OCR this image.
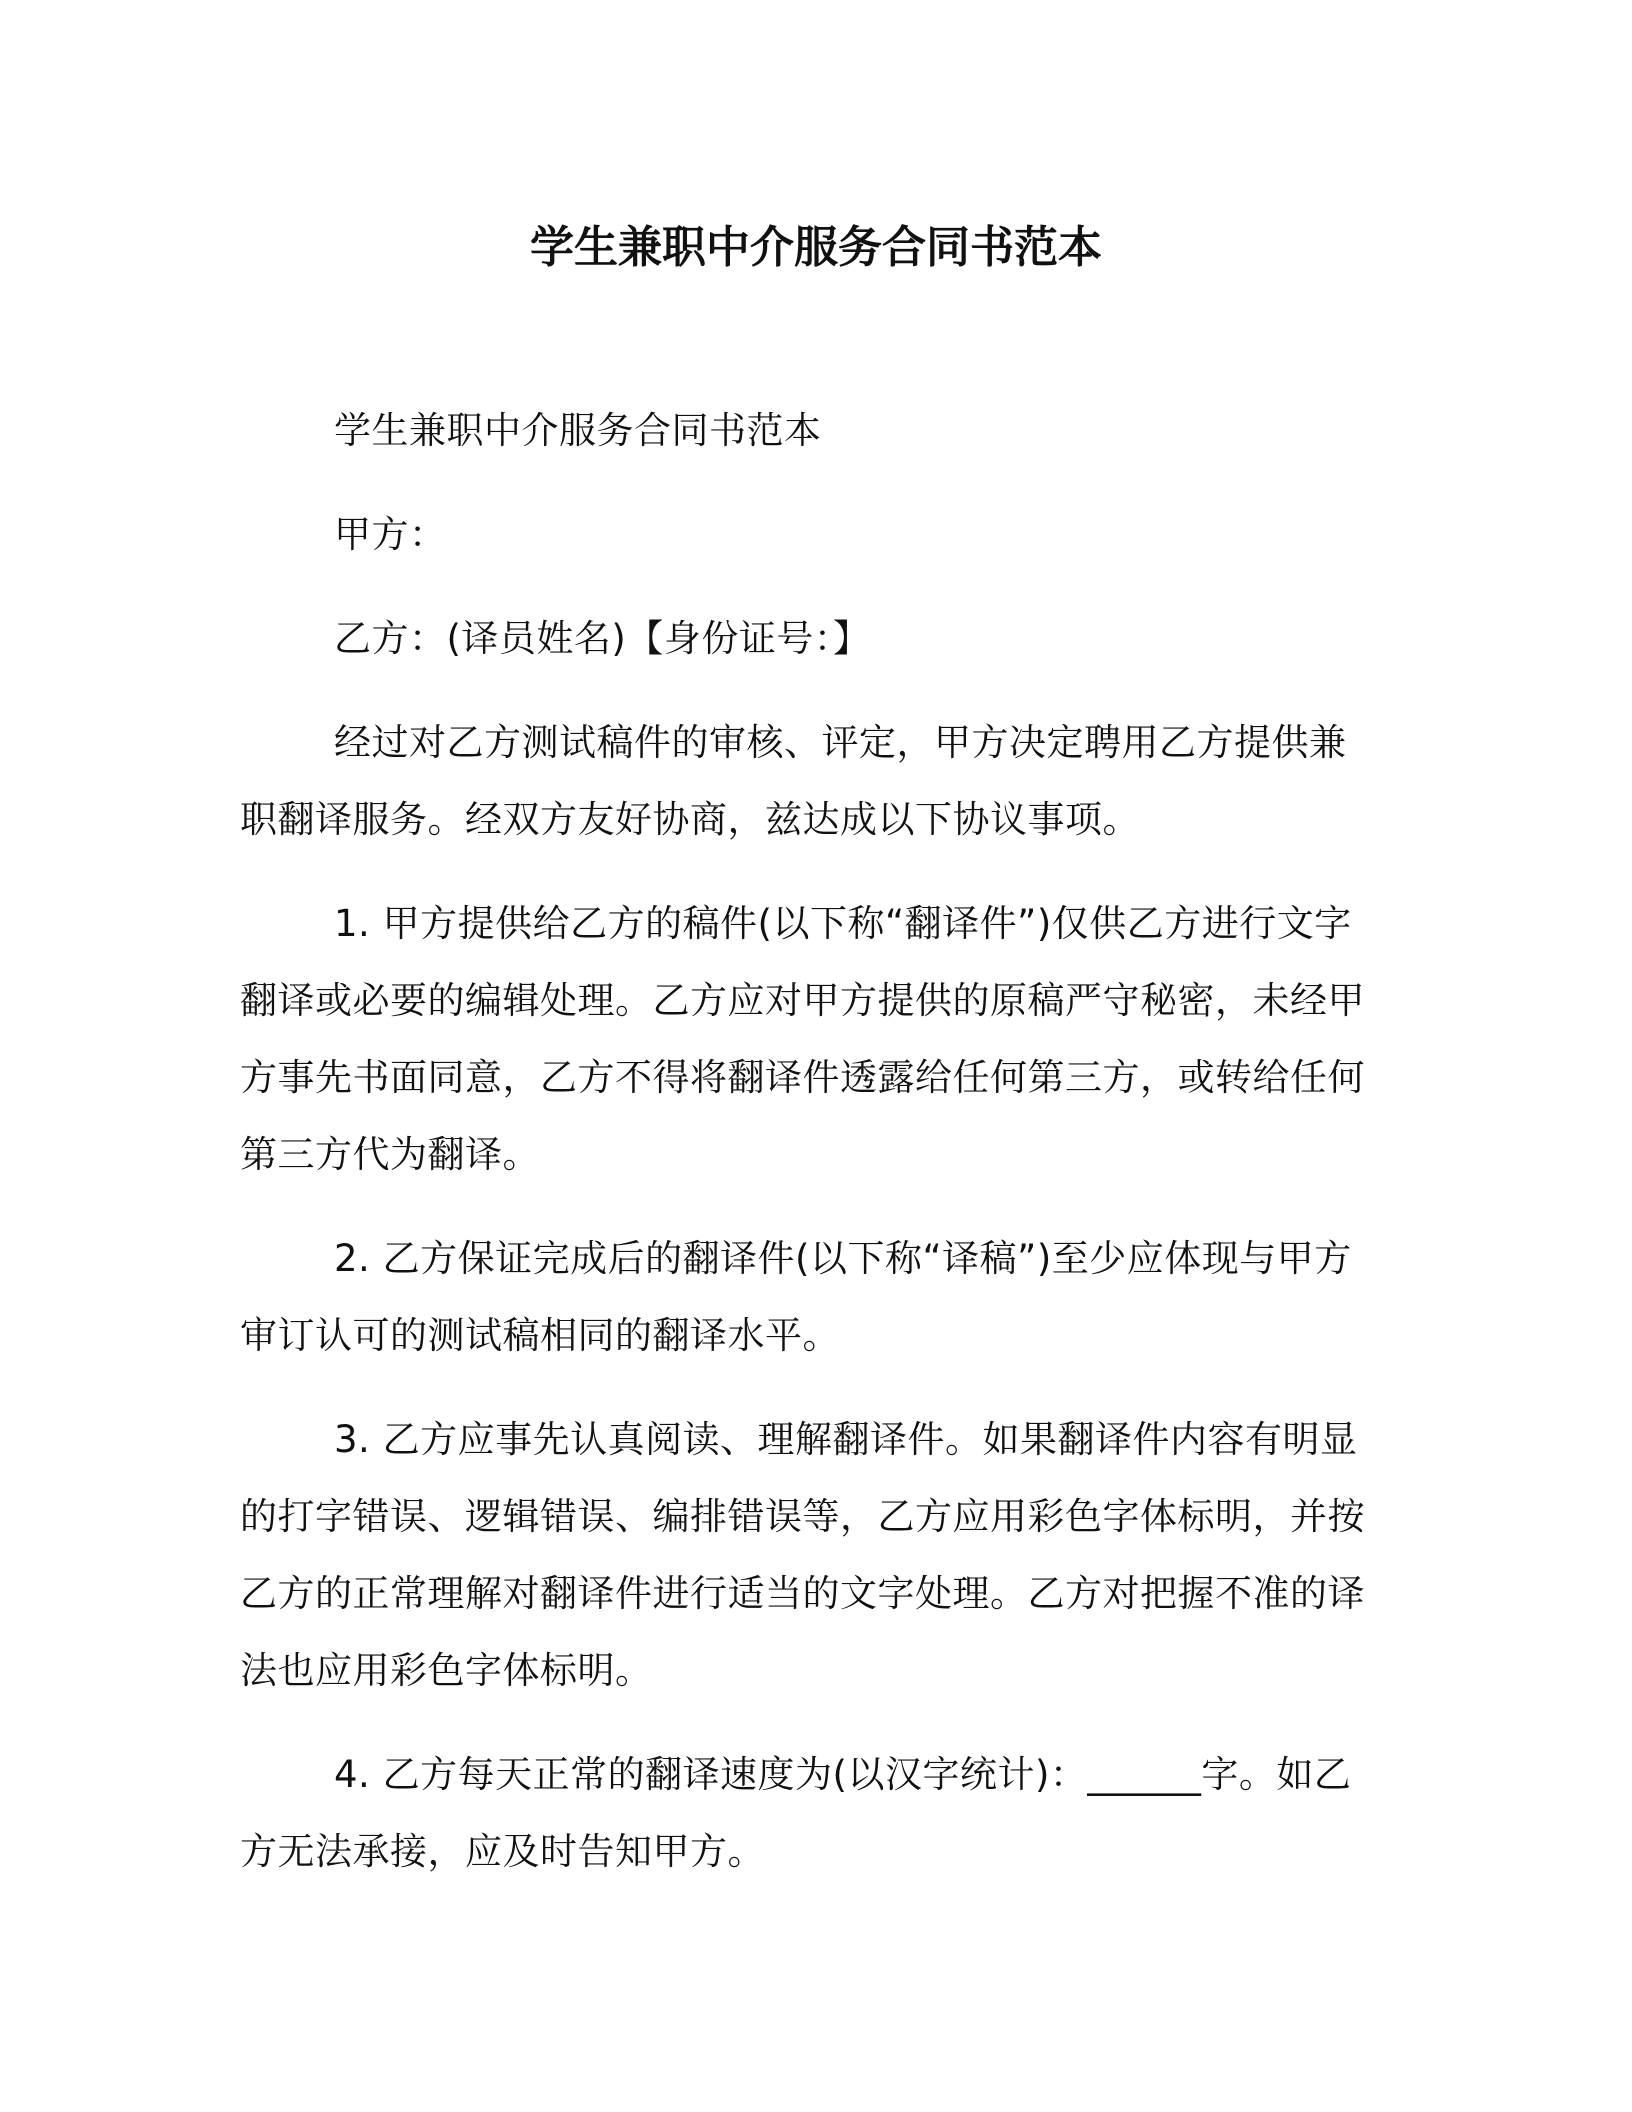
学生兼职中介服务合同书范本

学生兼职中介服务合同书范本

甲方：

乙方：(译员姓名)【身份证号：】

经过对乙方测试稿件的审核、评定，甲方决定聘用乙方提供兼职翻译服务。经双方友好协商，兹达成以下协议事项。

1. 甲方提供给乙方的稿件(以下称“翻译件”)仅供乙方进行文字翻译或必要的编辑处理。乙方应对甲方提供的原稿严守秘密，未经甲方事先书面同意，乙方不得将翻译件透露给任何第三方，或转给任何第三方代为翻译。

2. 乙方保证完成后的翻译件(以下称“译稿”)至少应体现与甲方审订认可的测试稿相同的翻译水平。

3. 乙方应事先认真阅读、理解翻译件。如果翻译件内容有明显的打字错误、逻辑错误、编排错误等，乙方应用彩色字体标明，并按乙方的正常理解对翻译件进行适当的文字处理。乙方对把握不准的译法也应用彩色字体标明。

4. 乙方每天正常的翻译速度为(以汉字统计)：______字。如乙方无法承接，应及时告知甲方。
